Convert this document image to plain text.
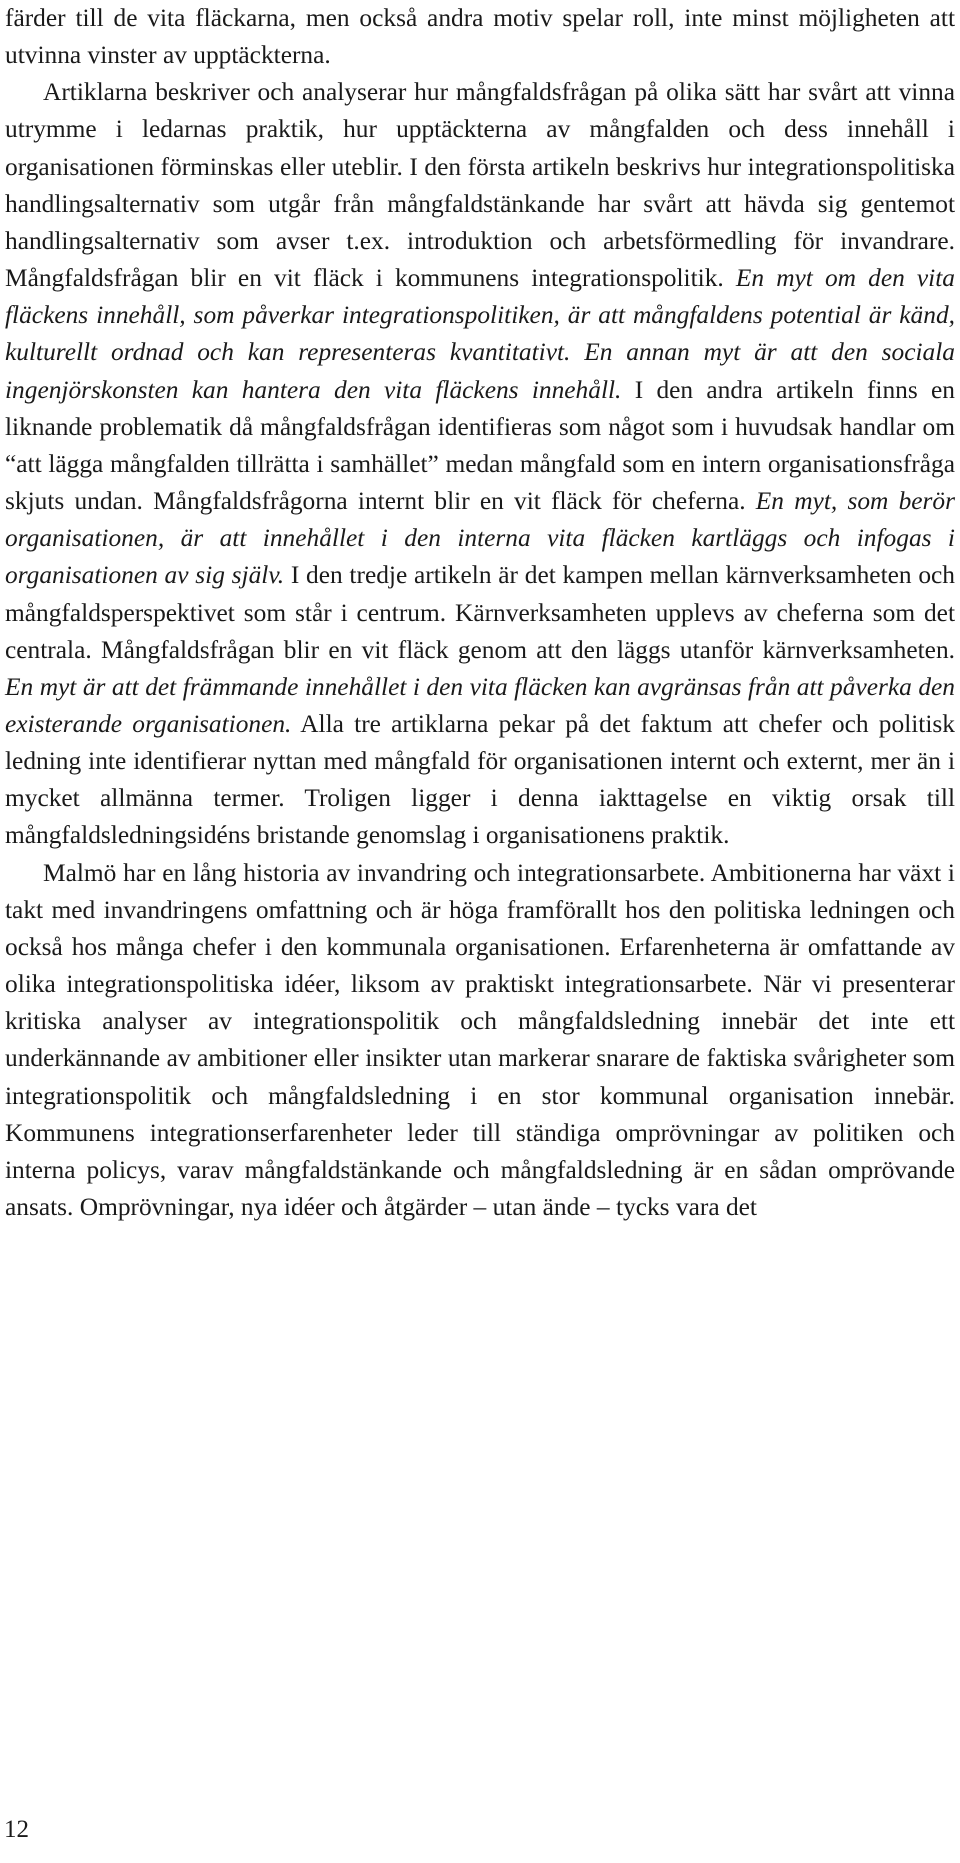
färder till de vita fläckarna, men också andra motiv spelar roll, inte minst möjligheten att utvinna vinster av upptäckterna.

Artiklarna beskriver och analyserar hur mångfaldsfrågan på olika sätt har svårt att vinna utrymme i ledarnas praktik, hur upptäckterna av mångfalden och dess innehåll i organisationen förminskas eller uteblir. I den första artikeln beskrivs hur integrationspolitiska handlingsalternativ som utgår från mångfaldstänkande har svårt att hävda sig gentemot handlingsalternativ som avser t.ex. introduktion och arbetsförmedling för invandrare. Mångfaldsfrågan blir en vit fläck i kommunens integrationspolitik. En myt om den vita fläckens innehåll, som påverkar integrationspolitiken, är att mångfaldens potential är känd, kulturellt ordnad och kan representeras kvantitativt. En annan myt är att den sociala ingenjörskonsten kan hantera den vita fläckens innehåll. I den andra artikeln finns en liknande problematik då mångfaldsfrågan identifieras som något som i huvudsak handlar om “att lägga mångfalden tillrätta i samhället” medan mångfald som en intern organisationsfråga skjuts undan. Mångfaldsfrågorna internt blir en vit fläck för cheferna. En myt, som berör organisationen, är att innehållet i den interna vita fläcken kartläggs och infogas i organisationen av sig själv. I den tredje artikeln är det kampen mellan kärnverksamheten och mångfaldsperspektivet som står i centrum. Kärnverksamheten upplevs av cheferna som det centrala. Mångfaldsfrågan blir en vit fläck genom att den läggs utanför kärnverksamheten. En myt är att det främmande innehållet i den vita fläcken kan avgränsas från att påverka den existerande organisationen. Alla tre artiklarna pekar på det faktum att chefer och politisk ledning inte identifierar nyttan med mångfald för organisationen internt och externt, mer än i mycket allmänna termer. Troligen ligger i denna iakttagelse en viktig orsak till mångfaldsledningsidéns bristande genomslag i organisationens praktik.

Malmö har en lång historia av invandring och integrationsarbete. Ambitionerna har växt i takt med invandringens omfattning och är höga framförallt hos den politiska ledningen och också hos många chefer i den kommunala organisationen. Erfarenheterna är omfattande av olika integrationspolitiska idéer, liksom av praktiskt integrationsarbete. När vi presenterar kritiska analyser av integrationspolitik och mångfaldsledning innebär det inte ett underkännande av ambitioner eller insikter utan markerar snarare de faktiska svårigheter som integrationspolitik och mångfaldsledning i en stor kommunal organisation innebär. Kommunens integrationserfarenheter leder till ständiga omprövningar av politiken och interna policys, varav mångfaldstänkande och mångfaldsledning är en sådan omprövande ansats. Omprövningar, nya idéer och åtgärder – utan ände – tycks vara det

12
